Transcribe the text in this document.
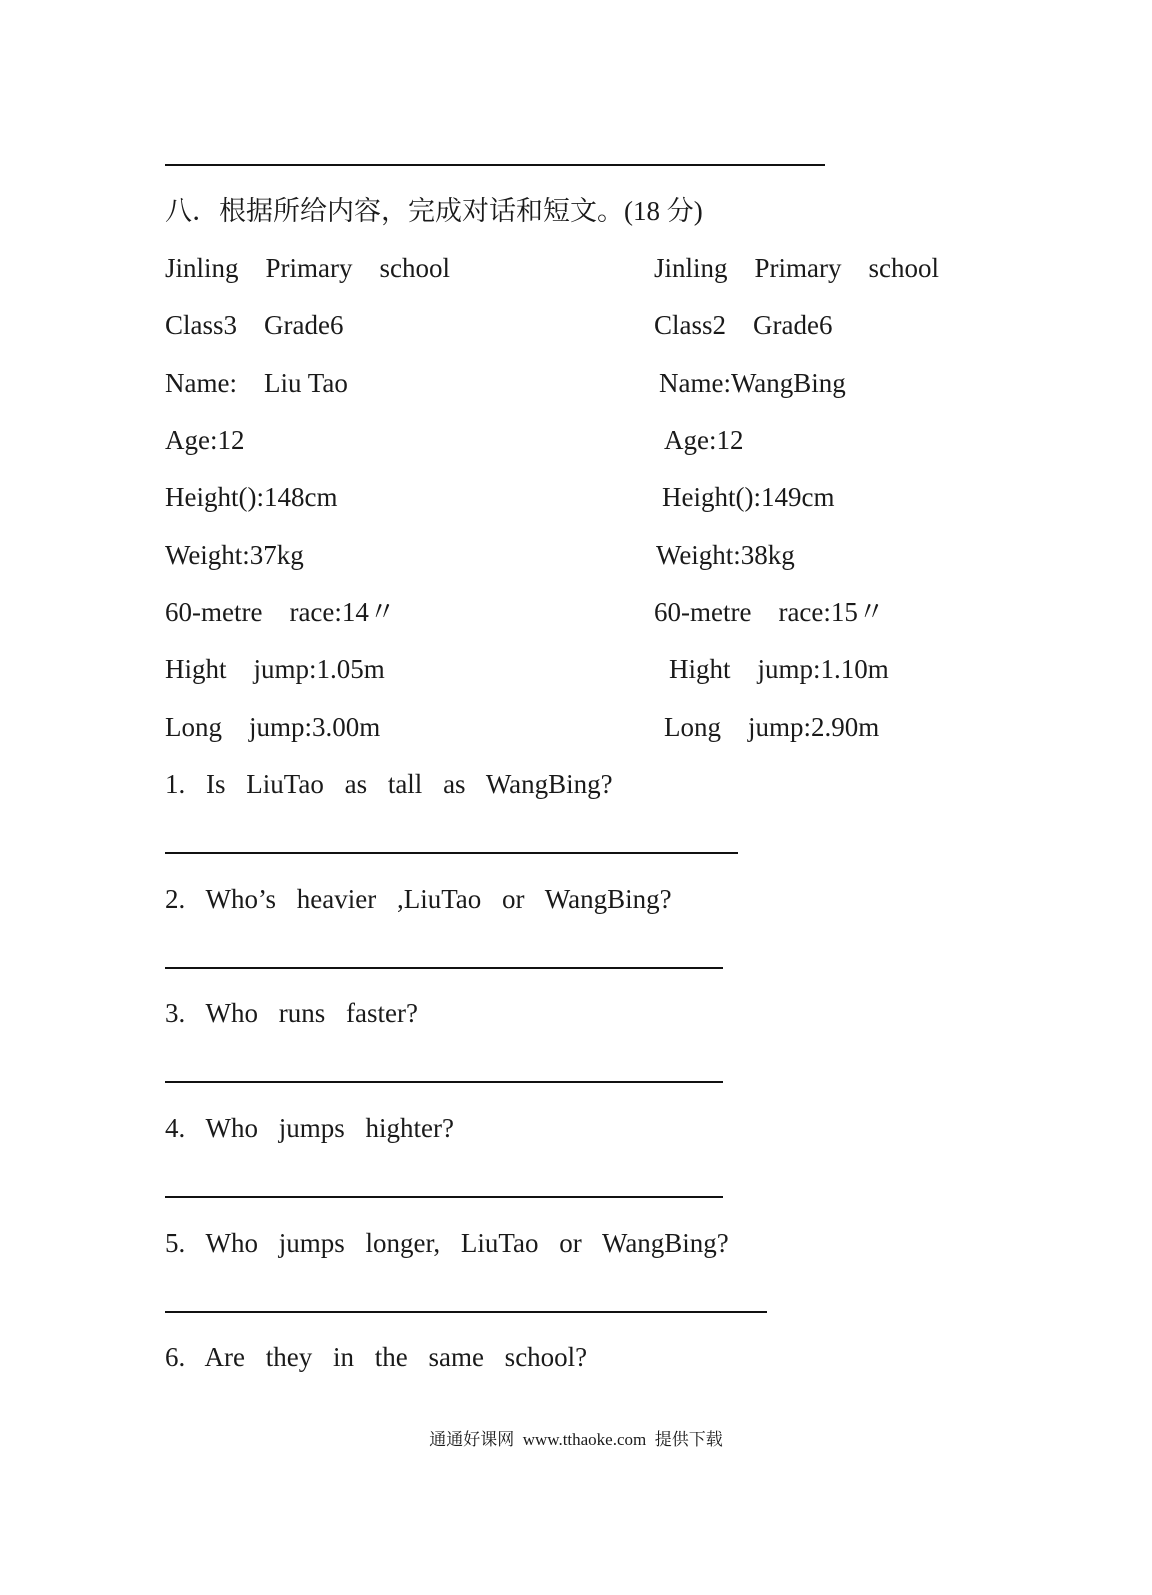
八．根据所给内容，完成对话和短文。(18 分)
Jinling    Primary    school
Class3    Grade6
Name:    Liu Tao
Age:12
Height():148cm
Weight:37kg
60-metre    race:14〃
Hight    jump:1.05m
Long    jump:3.00m
Jinling    Primary    school
Class2    Grade6
Name:WangBing
Age:12
Height():149cm
Weight:38kg
60-metre    race:15〃
Hight    jump:1.10m
Long    jump:2.90m
1. Is LiuTao as tall as WangBing?
2. Who’s heavier ,LiuTao or WangBing?
3. Who runs faster?
4. Who jumps highter?
5. Who jumps longer, LiuTao or WangBing?
6. Are they in the same school?
通通好课网  www.tthaoke.com  提供下载
